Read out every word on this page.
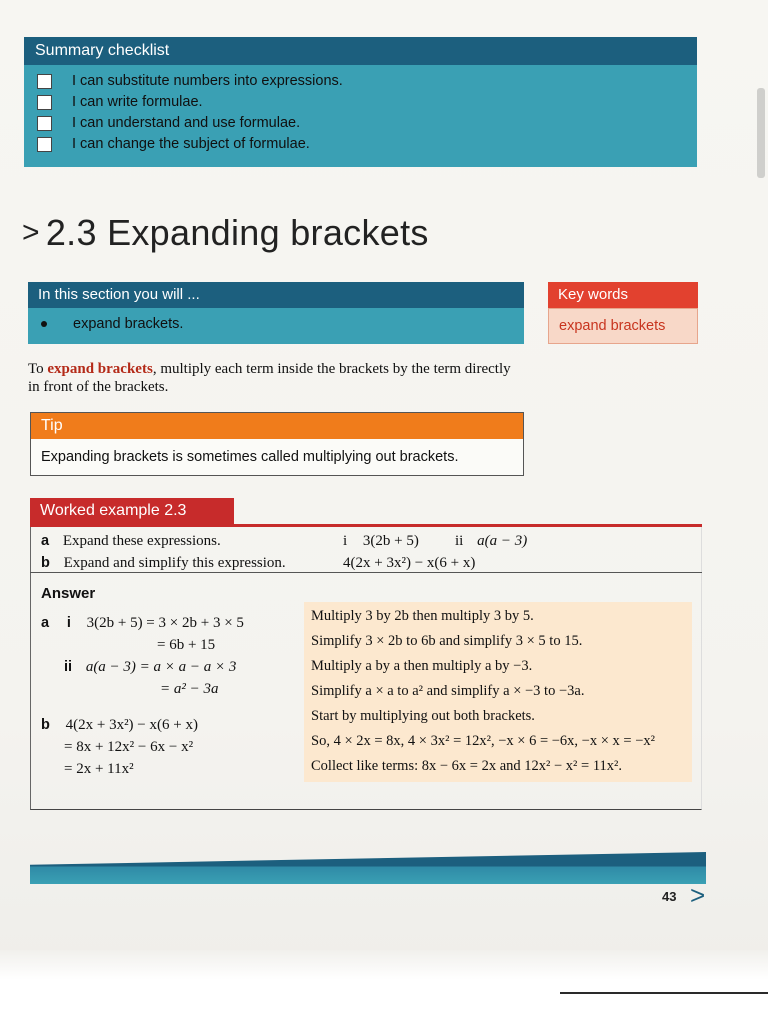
Summary checklist
I can substitute numbers into expressions.
I can write formulae.
I can understand and use formulae.
I can change the subject of formulae.
> 2.3 Expanding brackets
In this section you will ...
expand brackets.
Key words
expand brackets
To expand brackets, multiply each term inside the brackets by the term directly in front of the brackets.
Tip
Expanding brackets is sometimes called multiplying out brackets.
Worked example 2.3
a Expand these expressions.	i 3(2b + 5) ii a(a − 3)
b Expand and simplify this expression.	4(2x + 3x²) − x(6 + x)
Answer
a i 3(2b + 5) = 3 × 2b + 3 × 5
= 6b + 15
ii a(a − 3) = a × a − a × 3
= a² − 3a
b 4(2x + 3x²) − x(6 + x)
= 8x + 12x² − 6x − x²
= 2x + 11x²
Multiply 3 by 2b then multiply 3 by 5.
Simplify 3 × 2b to 6b and simplify 3 × 5 to 15.
Multiply a by a then multiply a by −3.
Simplify a × a to a² and simplify a × −3 to −3a.
Start by multiplying out both brackets.
So, 4 × 2x = 8x, 4 × 3x² = 12x², −x × 6 = −6x, −x × x = −x²
Collect like terms: 8x − 6x = 2x and 12x² − x² = 11x².
43 >
